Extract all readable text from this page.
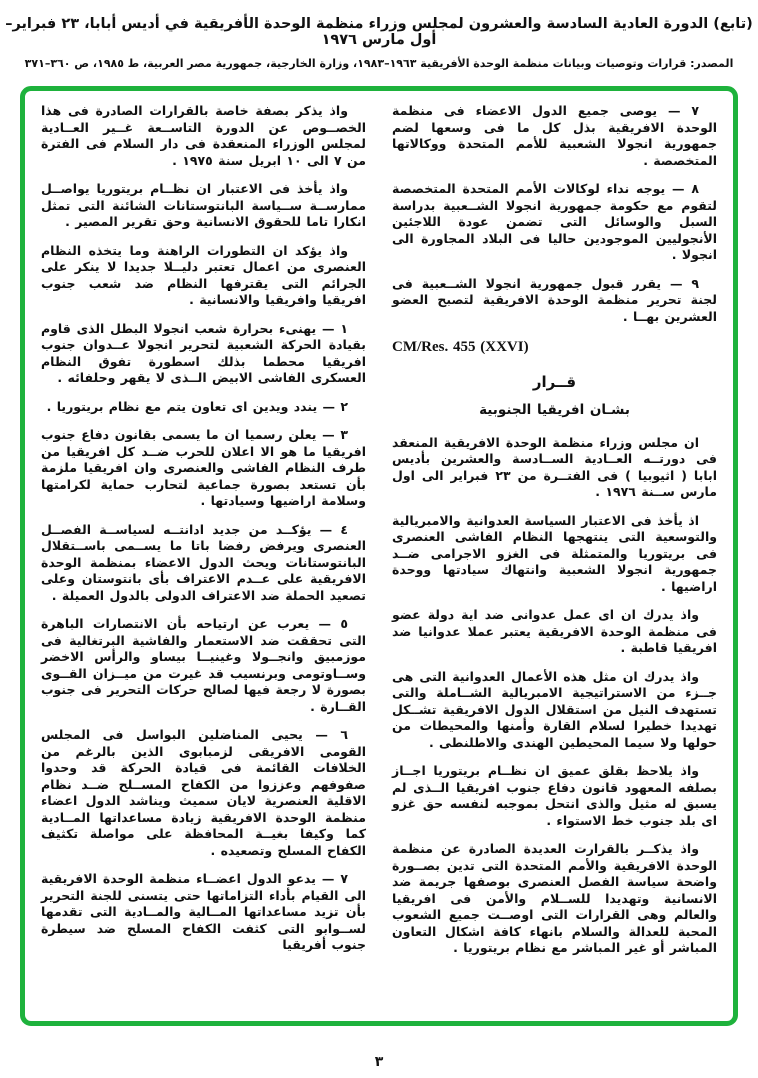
(تابع) الدورة العادية السادسة والعشرون لمجلس وزراء منظمة الوحدة الأفريقية في أديس أبابا، ٢٣ فبراير– أول مارس ١٩٧٦
المصدر: قرارات وتوصيات وبيانات منظمة الوحدة الأفريقية ١٩٦٣–١٩٨٣، وزارة الخارجية، جمهورية مصر العربية، ط ١٩٨٥، ص ٣٦٠–٣٧١

٧ — يوصى جميع الدول الاعضاء فى منظمة الوحدة الافريقية بذل كل ما فى وسعها لضم جمهورية انجولا الشعبية للأمم المتحدة ووكالاتها المتخصصة .

٨ — يوجه نداء لوكالات الأمم المتحدة المتخصصة لتقوم مع حكومة جمهورية انجولا الشــعبية بدراسة السبل والوسائل التى تضمن عودة اللاجئين الأنجوليين الموجودين حاليا فى البلاد المجاورة الى انجولا .

٩ — يقرر قبول جمهورية انجولا الشــعبية فى لجنة تحرير منظمة الوحدة الافريقية لتصبح العضو العشرين بهــا .

CM/Res. 455 (XXVI)

قــرار

بشـان افريقيا الجنوبية

ان مجلس وزراء منظمة الوحدة الافريقية المنعقد فى دورتــه العــادية الســادسة والعشرين بأديس ابابا ( اثيوبيا ) فى الفتــرة من ٢٣ فبراير الى اول مارس ســنة ١٩٧٦ .

اذ يأخذ فى الاعتبار السياسة العدوانية والامبريالية والتوسعية التى ينتهجها النظام الفاشى العنصرى فى بريتوريا والمتمثلة فى الغزو الاجرامى ضــد جمهورية انجولا الشعبية وانتهاك سيادتها ووحدة اراضيها .

واذ يدرك ان اى عمل عدوانى ضد اية دولة عضو فى منظمة الوحدة الافريقية يعتبر عملا عدوانيا ضد افريقيا قاطبة .

واذ يدرك ان مثل هذه الأعمال العدوانية التى هى جــزء من الاستراتيجية الامبريالية الشــاملة والتى تستهدف النيل من استقلال الدول الافريقية تشــكل تهديدا خطيرا لسلام القارة وأمنها والمحيطات من حولها ولا سيما المحيطين الهندى والاطلنطى .

واذ يلاحظ بقلق عميق ان نظــام بريتوريا اجــاز بصلفه المعهود قانون دفاع جنوب افريقيا الــذى لم يسبق له مثيل والذى انتحل بموجبه لنفسه حق غزو اى بلد جنوب خط الاستواء .

واذ يذكــر بالقرارت العديدة الصادرة عن منظمة الوحدة الافريقية والأمم المتحدة التى تدين بصــورة واضحة سياسة الفصل العنصرى بوصفها جريمة ضد الانسانية وتهديدا للســلام والأمن فى افريقيا والعالم وهى القرارات التى اوصــت جميع الشعوب المحبة للعدالة والسلام بانهاء كافة اشكال التعاون المباشر أو غير المباشر مع نظام بريتوريا .

واذ يذكر بصفة خاصة بالقرارات الصادرة فى هذا الخصــوص عن الدورة التاســعة غــير العــادية لمجلس الوزراء المنعقدة فى دار السلام فى الفترة من ٧ الى ١٠ ابريل سنة ١٩٧٥ .

واذ يأخذ فى الاعتبار ان نظــام بريتوريا يواصــل ممارســة ســياسة البانتوستانات الشائنة التى تمثل انكارا تاما للحقوق الانسانية وحق تقرير المصير .

واذ يؤكد ان التطورات الراهنة وما يتخذه النظام العنصرى من اعمال تعتبر دليــلا جديدا لا ينكر على الجرائم التى يقترفها النظام ضد شعب جنوب افريقيا وافريقيا والانسانية .

١ — يهنىء بحرارة شعب انجولا البطل الذى قاوم بقيادة الحركة الشعبية لتحرير انجولا عــدوان جنوب افريقيا محطما بذلك اسطورة تفوق النظام العسكرى الفاشى الابيض الــذى لا يقهر وحلفائه .

٢ — يندد ويدين اى تعاون يتم مع نظام بريتوريا .

٣ — يعلن رسميا ان ما يسمى بقانون دفاع جنوب افريقيا ما هو الا اعلان للحرب ضــد كل افريقيا من طرف النظام الفاشى والعنصرى وان افريقيا ملزمة بأن تستعد بصورة جماعية لتحارب حماية لكرامتها وسلامة اراضيها وسيادتها .

٤ — يؤكــد من جديد ادانتــه لسياســة الفصــل العنصرى ويرفض رفضا باتا ما يســمى باســتقلال البانتوستانات ويحث الدول الاعضاء بمنظمة الوحدة الافريقية على عــدم الاعتراف بأى بانتوستان وعلى تصعيد الحملة ضد الاعتراف الدولى بالدول العميلة .

٥ — يعرب عن ارتياحه بأن الانتصارات الباهرة التى تحققت ضد الاستعمار والفاشية البرتغالية فى موزمبيق وانجــولا وغينيــا بيساو والرأس الاخضر وســاوتومى وبرنسيب قد غيرت من ميــزان القــوى بصورة لا رجعة فيها لصالح حركات التحرير فى جنوب القــارة .

٦ — يحيى المناضلين البواسل فى المجلس القومى الافريقى لزمبابوى الذين بالرغم من الخلافات القائمة فى قيادة الحركة قد وحدوا صفوفهم وعززوا من الكفاح المســلح ضــد نظام الاقلية العنصرية لايان سميث ويناشد الدول اعضاء منظمة الوحدة الافريقية زيادة مساعداتها المــادية كما وكيفا بغيــة المحافظة على مواصلة تكثيف الكفاح المسلح وتصعيده .

٧ — يدعو الدول اعضــاء منظمة الوحدة الافريقية الى القيام بأداء التزاماتها حتى يتسنى للجنة التحرير بأن تزيد مساعداتها المــالية والمــادية التى تقدمها لســوابو التى كثفت الكفاح المسلح ضد سيطرة جنوب أفريقيا

٣
